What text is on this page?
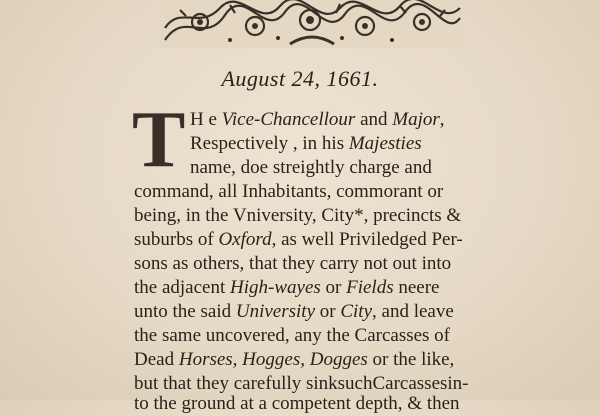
August 24, 1661.
T H e Vice-Chancellour and Major,
Respectively , in his Majesties
name, doe streightly charge and
command, all Inhabitants, commorant or
being, in the Vniversity, City*, precincts &
suburbs of Oxford, as well Priviledged Per-
sons as others, that they carry not out into
the adjacent High-wayes or Fields neere
unto the said University or City, and leave
the same uncovered, any the Carcasses of
Dead Horses, Hogges, Dogges or the like,
but that they carefully sinksuchCarcassesin-
to the ground at a competent depth, & then
